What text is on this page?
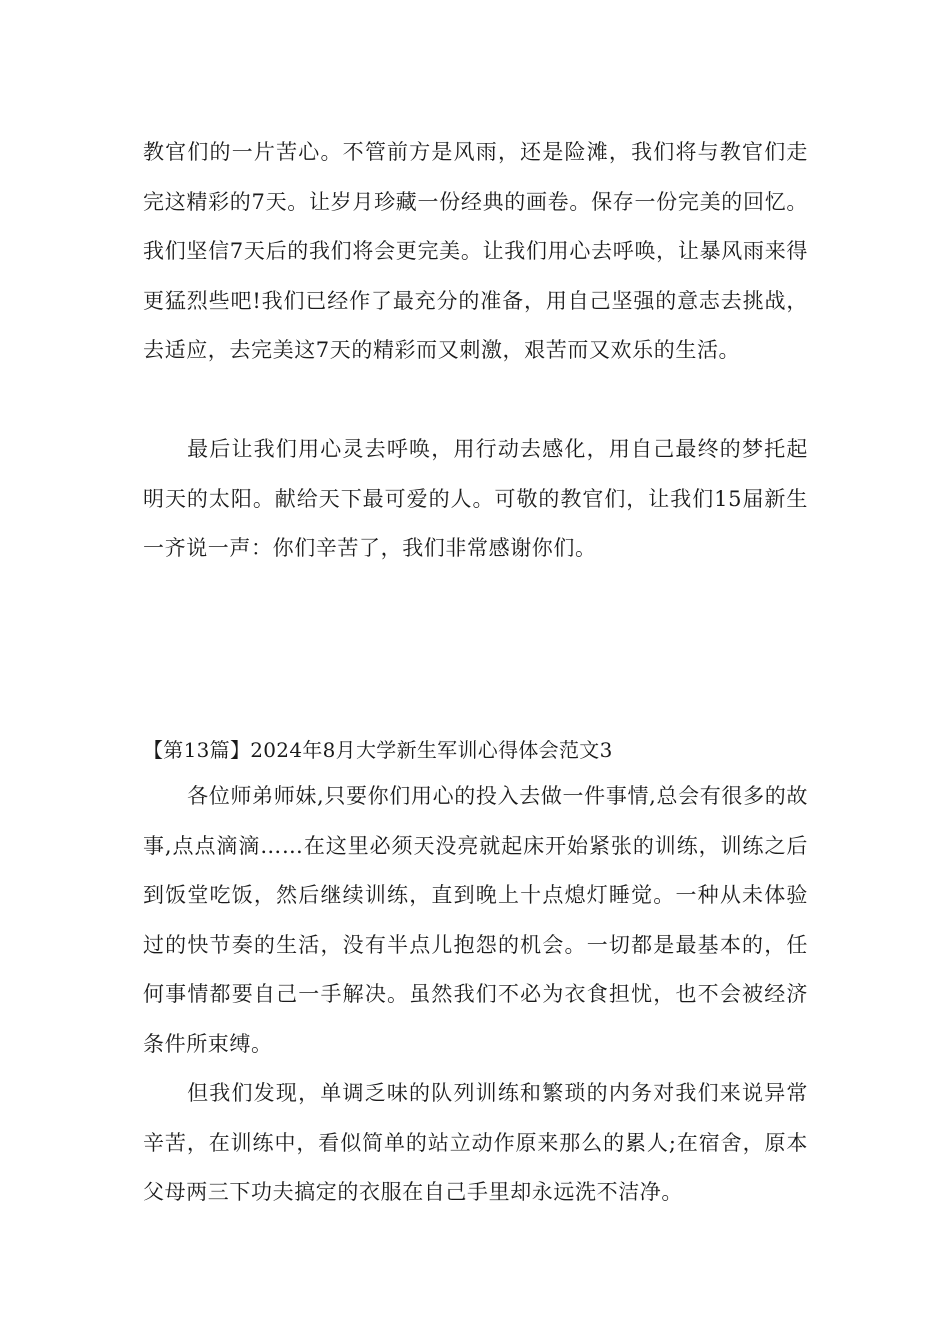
教官们的一片苦心。不管前方是风雨，还是险滩，我们将与教官们走完这精彩的7天。让岁月珍藏一份经典的画卷。保存一份完美的回忆。 我们坚信7天后的我们将会更完美。让我们用心去呼唤，让暴风雨来得更猛烈些吧!我们已经作了最充分的准备，用自己坚强的意志去挑战，去适应，去完美这7天的精彩而又刺激，艰苦而又欢乐的生活。

最后让我们用心灵去呼唤，用行动去感化，用自己最终的梦托起明天的太阳。献给天下最可爱的人。可敬的教官们，让我们15届新生一齐说一声：你们辛苦了，我们非常感谢你们。

【第13篇】2024年8月大学新生军训心得体会范文3

各位师弟师妹,只要你们用心的投入去做一件事情,总会有很多的故事,点点滴滴……在这里必须天没亮就起床开始紧张的训练，训练之后到饭堂吃饭，然后继续训练，直到晚上十点熄灯睡觉。一种从未体验过的快节奏的生活，没有半点儿抱怨的机会。一切都是最基本的，任何事情都要自己一手解决。虽然我们不必为衣食担忧，也不会被经济条件所束缚。

但我们发现，单调乏味的队列训练和繁琐的内务对我们来说异常辛苦，在训练中，看似简单的站立动作原来那么的累人;在宿舍，原本父母两三下功夫搞定的衣服在自己手里却永远洗不洁净。
